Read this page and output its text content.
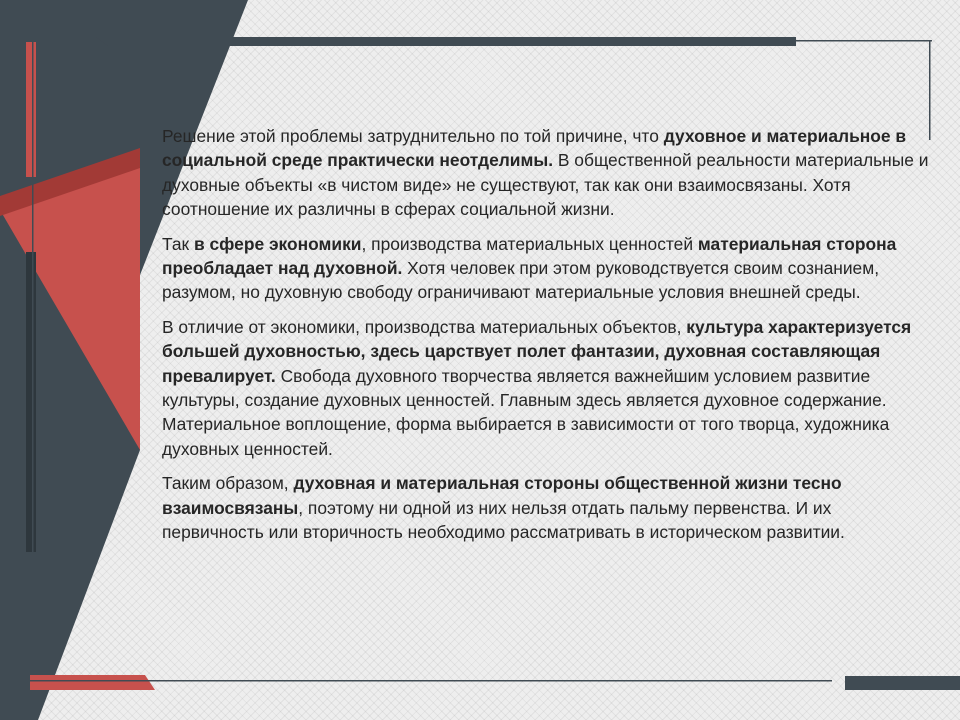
Решение этой проблемы затруднительно по той причине, что духовное и материальное в социальной среде практически неотделимы. В общественной реальности материальные и духовные объекты «в чистом виде» не существуют, так как они взаимосвязаны. Хотя соотношение их различны в сферах социальной жизни.

Так в сфере экономики, производства материальных ценностей материальная сторона преобладает над духовной. Хотя человек при этом руководствуется своим сознанием, разумом, но духовную свободу ограничивают материальные условия внешней среды.

В отличие от экономики, производства материальных объектов, культура характеризуется большей духовностью, здесь царствует полет фантазии, духовная составляющая превалирует. Свобода духовного творчества является важнейшим условием развитие культуры, создание духовных ценностей. Главным здесь является духовное содержание. Материальное воплощение, форма выбирается в зависимости от того творца, художника духовных ценностей.

Таким образом, духовная и материальная стороны общественной жизни тесно взаимосвязаны, поэтому ни одной из них нельзя отдать пальму первенства. И их первичность или вторичность необходимо рассматривать в историческом развитии.
